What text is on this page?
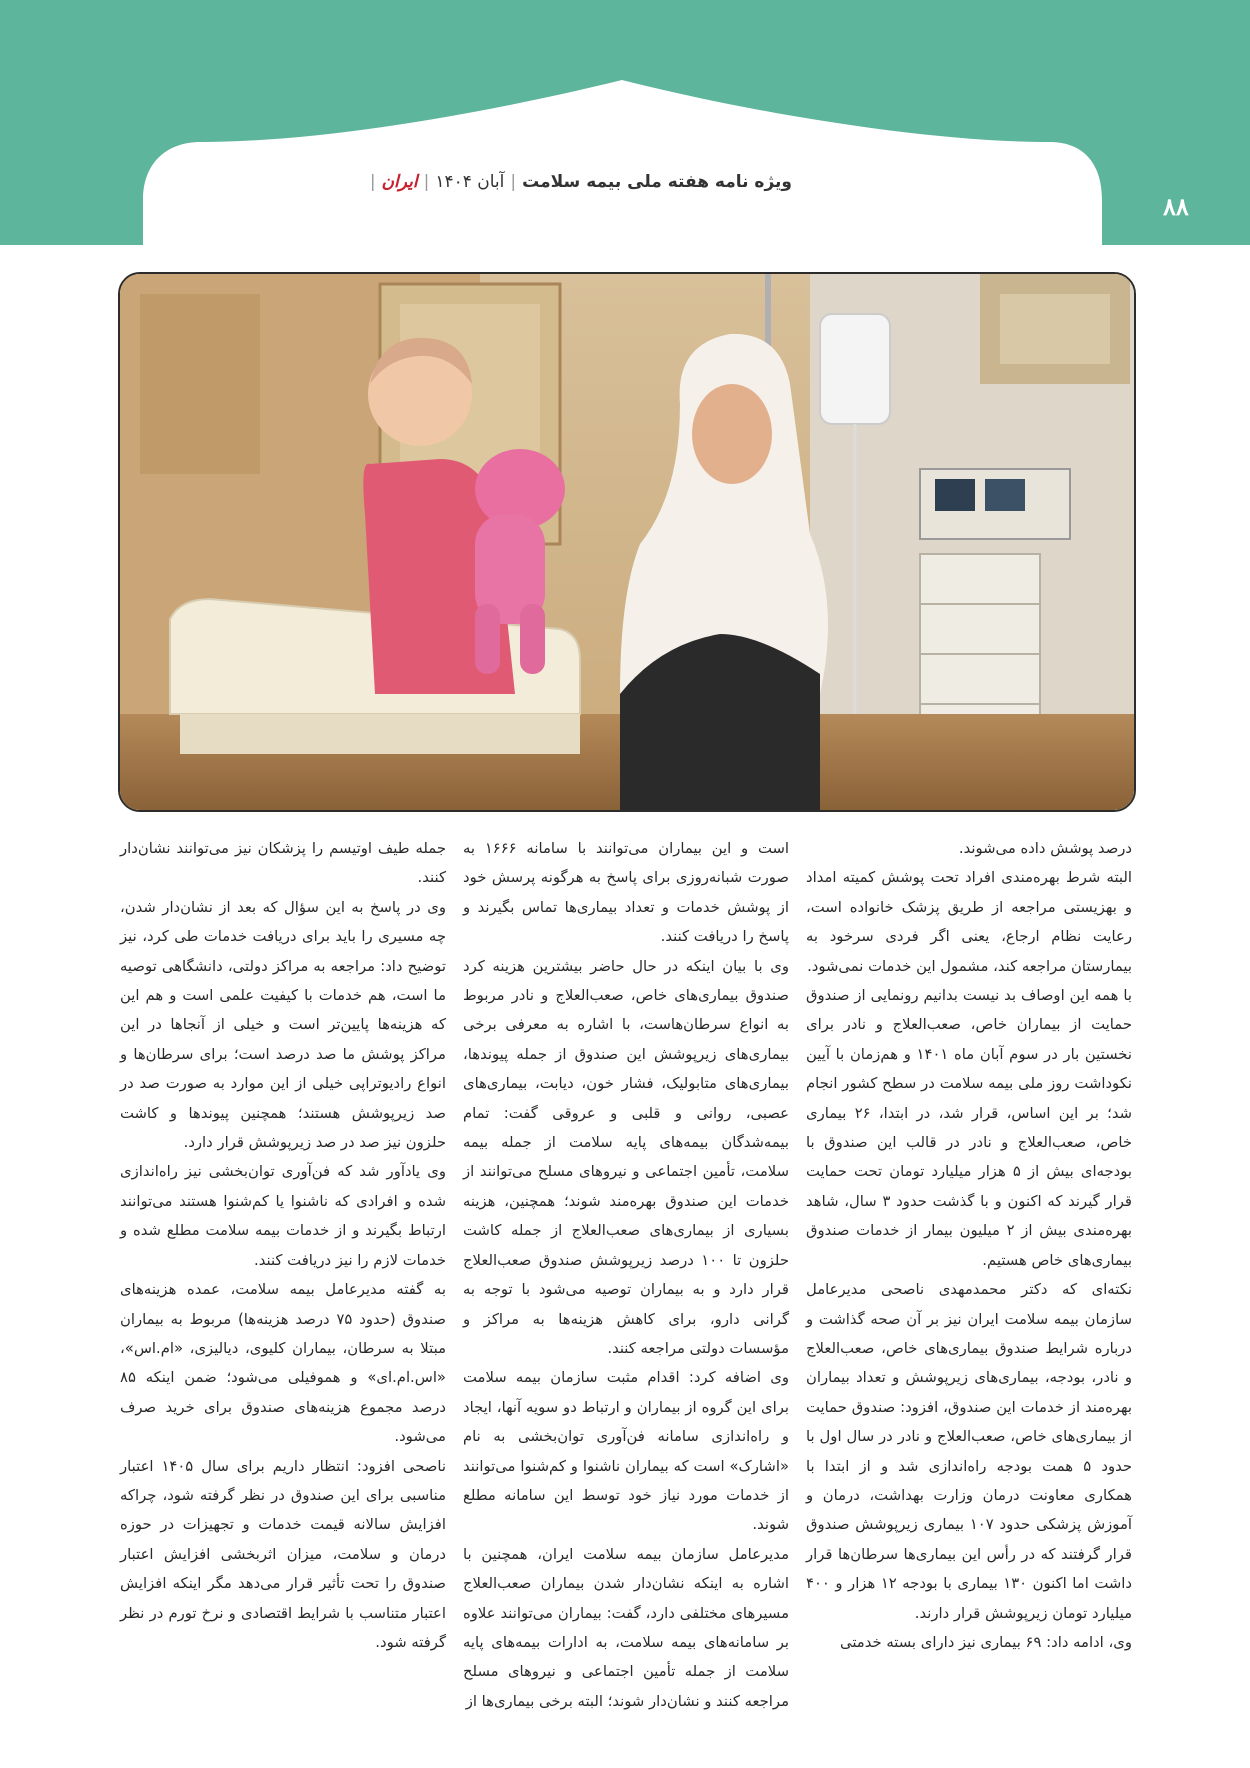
ویژه نامه هفته ملی بیمه سلامت|آبان ۱۴۰۴|ایران|
۸۸

درصد پوشش داده می‌شوند.

البته شرط بهره‌مندی افراد تحت پوشش کمیته امداد و بهزیستی مراجعه از طریق پزشک خانواده است، رعایت نظام ارجاع، یعنی اگر فردی سرخود به بیمارستان مراجعه کند، مشمول این خدمات نمی‌شود.

با همه این اوصاف بد نیست بدانیم رونمایی از صندوق حمایت از بیماران خاص، صعب‌العلاج و نادر برای نخستین بار در سوم آبان ماه ۱۴۰۱ و هم‌زمان با آیین نکوداشت روز ملی بیمه سلامت در سطح کشور انجام شد؛ بر این اساس، قرار شد، در ابتدا، ۲۶ بیماری خاص، صعب‌العلاج و نادر در قالب این صندوق با بودجه‌ای بیش از ۵ هزار میلیارد تومان تحت حمایت قرار گیرند که اکنون و با گذشت حدود ۳ سال، شاهد بهره‌مندی بیش از ۲ میلیون بیمار از خدمات صندوق بیماری‌های خاص هستیم.

نکته‌ای که دکتر محمدمهدی ناصحی مدیرعامل سازمان بیمه سلامت ایران نیز بر آن صحه گذاشت و درباره شرایط صندوق بیماری‌های خاص، صعب‌العلاج و نادر، بودجه، بیماری‌های زیرپوشش و تعداد بیماران بهره‌مند از خدمات این صندوق، افزود: صندوق حمایت از بیماری‌های خاص، صعب‌العلاج و نادر در سال اول با حدود ۵ همت بودجه راه‌اندازی شد و از ابتدا با همکاری معاونت درمان وزارت بهداشت، درمان و آموزش پزشکی حدود ۱۰۷ بیماری زیرپوشش صندوق قرار گرفتند که در رأس این بیماری‌ها سرطان‌ها قرار داشت اما اکنون ۱۳۰ بیماری با بودجه ۱۲ هزار و ۴۰۰ میلیارد تومان زیرپوشش قرار دارند.

وی، ادامه داد: ۶۹ بیماری نیز دارای بسته خدمتی

است و این بیماران می‌توانند با سامانه ۱۶۶۶ به صورت شبانه‌روزی برای پاسخ به هرگونه پرسش خود از پوشش خدمات و تعداد بیماری‌ها تماس بگیرند و پاسخ را دریافت کنند.

وی با بیان اینکه در حال حاضر بیشترین هزینه کرد صندوق بیماری‌های خاص، صعب‌العلاج و نادر مربوط به انواع سرطان‌هاست، با اشاره به معرفی برخی بیماری‌های زیرپوشش این صندوق از جمله پیوندها، بیماری‌های متابولیک، فشار خون، دیابت، بیماری‌های عصبی، روانی و قلبی و عروقی گفت: تمام بیمه‌شدگان بیمه‌های پایه سلامت از جمله بیمه سلامت، تأمین اجتماعی و نیروهای مسلح می‌توانند از خدمات این صندوق بهره‌مند شوند؛ همچنین، هزینه بسیاری از بیماری‌های صعب‌العلاج از جمله کاشت حلزون تا ۱۰۰ درصد زیرپوشش صندوق صعب‌العلاج قرار دارد و به بیماران توصیه می‌شود با توجه به گرانی دارو، برای کاهش هزینه‌ها به مراکز و مؤسسات دولتی مراجعه کنند.

وی اضافه کرد: اقدام مثبت سازمان بیمه سلامت برای این گروه از بیماران و ارتباط دو سویه آنها، ایجاد و راه‌اندازی سامانه فن‌آوری توان‌بخشی به نام «اشارک» است که بیماران ناشنوا و کم‌شنوا می‌توانند از خدمات مورد نیاز خود توسط این سامانه مطلع شوند.

مدیرعامل سازمان بیمه سلامت ایران، همچنین با اشاره به اینکه نشان‌دار شدن بیماران صعب‌العلاج مسیرهای مختلفی دارد، گفت: بیماران می‌توانند علاوه بر سامانه‌های بیمه سلامت، به ادارات بیمه‌های پایه سلامت از جمله تأمین اجتماعی و نیروهای مسلح مراجعه کنند و نشان‌دار شوند؛ البته برخی بیماری‌ها از

جمله طیف اوتیسم را پزشکان نیز می‌توانند نشان‌دار کنند.

وی در پاسخ به این سؤال که بعد از نشان‌دار شدن، چه مسیری را باید برای دریافت خدمات طی کرد، نیز توضیح داد: مراجعه به مراکز دولتی، دانشگاهی توصیه ما است، هم خدمات با کیفیت علمی است و هم این که هزینه‌ها پایین‌تر است و خیلی از آنجاها در این مراکز پوشش ما صد درصد است؛ برای سرطان‌ها و انواع رادیوتراپی خیلی از این موارد به صورت صد در صد زیرپوشش هستند؛ همچنین پیوندها و کاشت حلزون نیز صد در صد زیرپوشش قرار دارد.

وی یادآور شد که فن‌آوری توان‌بخشی نیز راه‌اندازی شده و افرادی که ناشنوا یا کم‌شنوا هستند می‌توانند ارتباط بگیرند و از خدمات بیمه سلامت مطلع شده و خدمات لازم را نیز دریافت کنند.

به گفته مدیرعامل بیمه سلامت، عمده هزینه‌های صندوق (حدود ۷۵ درصد هزینه‌ها) مربوط به بیماران مبتلا به سرطان، بیماران کلیوی، دیالیزی، «ام.اس»، «اس.ام.ای» و هموفیلی می‌شود؛ ضمن اینکه ۸۵ درصد مجموع هزینه‌های صندوق برای خرید صرف می‌شود.

ناصحی افزود: انتظار داریم برای سال ۱۴۰۵ اعتبار مناسبی برای این صندوق در نظر گرفته شود، چراکه افزایش سالانه قیمت خدمات و تجهیزات در حوزه درمان و سلامت، میزان اثربخشی افزایش اعتبار صندوق را تحت تأثیر قرار می‌دهد مگر اینکه افزایش اعتبار متناسب با شرایط اقتصادی و نرخ تورم در نظر گرفته شود.
